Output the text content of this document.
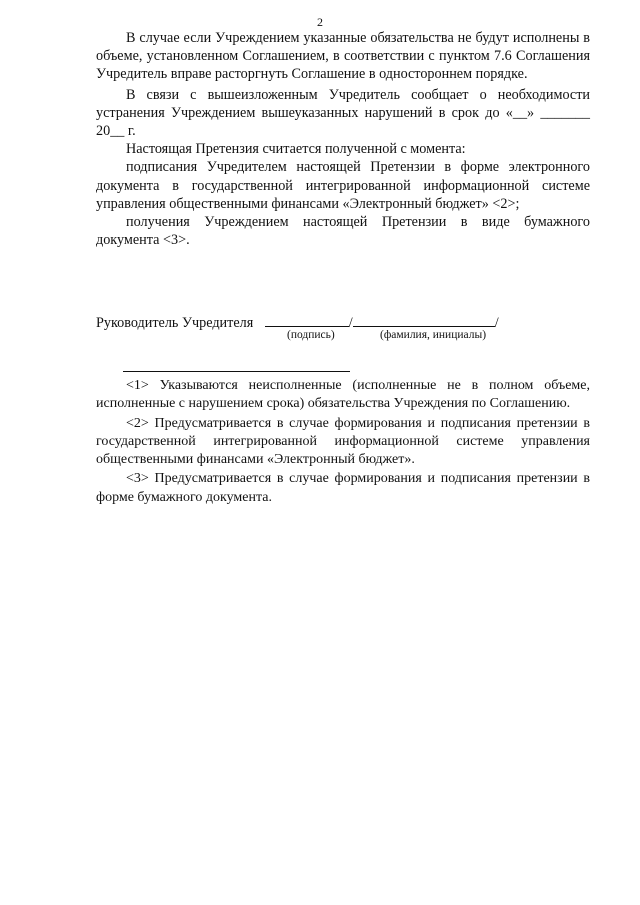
2

В случае если Учреждением указанные обязательства не будут исполнены в объеме, установленном Соглашением, в соответствии с пунктом 7.6 Соглашения Учредитель вправе расторгнуть Соглашение в одностороннем порядке.

В связи с вышеизложенным Учредитель сообщает о необходимости устранения Учреждением вышеуказанных нарушений в срок до «__» _______ 20__ г.

Настоящая Претензия считается полученной с момента:

подписания Учредителем настоящей Претензии в форме электронного документа в государственной интегрированной информационной системе управления общественными финансами «Электронный бюджет» <2>;

получения Учреждением настоящей Претензии в виде бумажного документа <3>.

Руководитель Учредителя	/	/
(подпись)	(фамилия, инициалы)

<1> Указываются неисполненные (исполненные не в полном объеме, исполненные с нарушением срока) обязательства Учреждения по Соглашению.

<2> Предусматривается в случае формирования и подписания претензии в государственной интегрированной информационной системе управления общественными финансами «Электронный бюджет».

<3> Предусматривается в случае формирования и подписания претензии в форме бумажного документа.
